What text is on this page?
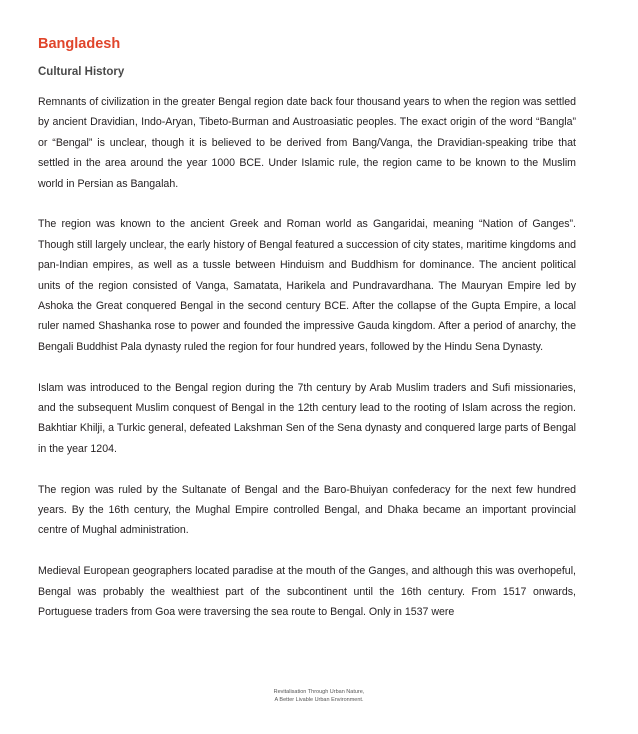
Bangladesh
Cultural History

Remnants of civilization in the greater Bengal region date back four thousand years to when the region was settled by ancient Dravidian, Indo-Aryan, Tibeto-Burman and Austroasiatic peoples. The exact origin of the word “Bangla” or “Bengal” is unclear, though it is believed to be derived from Bang/Vanga, the Dravidian-speaking tribe that settled in the area around the year 1000 BCE. Under Islamic rule, the region came to be known to the Muslim world in Persian as Bangalah.

The region was known to the ancient Greek and Roman world as Gangaridai, meaning “Nation of Ganges”. Though still largely unclear, the early history of Bengal featured a succession of city states, maritime kingdoms and pan-Indian empires, as well as a tussle between Hinduism and Buddhism for dominance. The ancient political units of the region consisted of Vanga, Samatata, Harikela and Pundravardhana. The Mauryan Empire led by Ashoka the Great conquered Bengal in the second century BCE. After the collapse of the Gupta Empire, a local ruler named Shashanka rose to power and founded the impressive Gauda kingdom. After a period of anarchy, the Bengali Buddhist Pala dynasty ruled the region for four hundred years, followed by the Hindu Sena Dynasty.

Islam was introduced to the Bengal region during the 7th century by Arab Muslim traders and Sufi missionaries, and the subsequent Muslim conquest of Bengal in the 12th century lead to the rooting of Islam across the region. Bakhtiar Khilji, a Turkic general, defeated Lakshman Sen of the Sena dynasty and conquered large parts of Bengal in the year 1204.

The region was ruled by the Sultanate of Bengal and the Baro-Bhuiyan confederacy for the next few hundred years. By the 16th century, the Mughal Empire controlled Bengal, and Dhaka became an important provincial centre of Mughal administration.

Medieval European geographers located paradise at the mouth of the Ganges, and although this was overhopeful, Bengal was probably the wealthiest part of the subcontinent until the 16th century. From 1517 onwards, Portuguese traders from Goa were traversing the sea route to Bengal. Only in 1537 were

Revitalisation Through Urban Nature,
A Better Livable Urban Environment.
